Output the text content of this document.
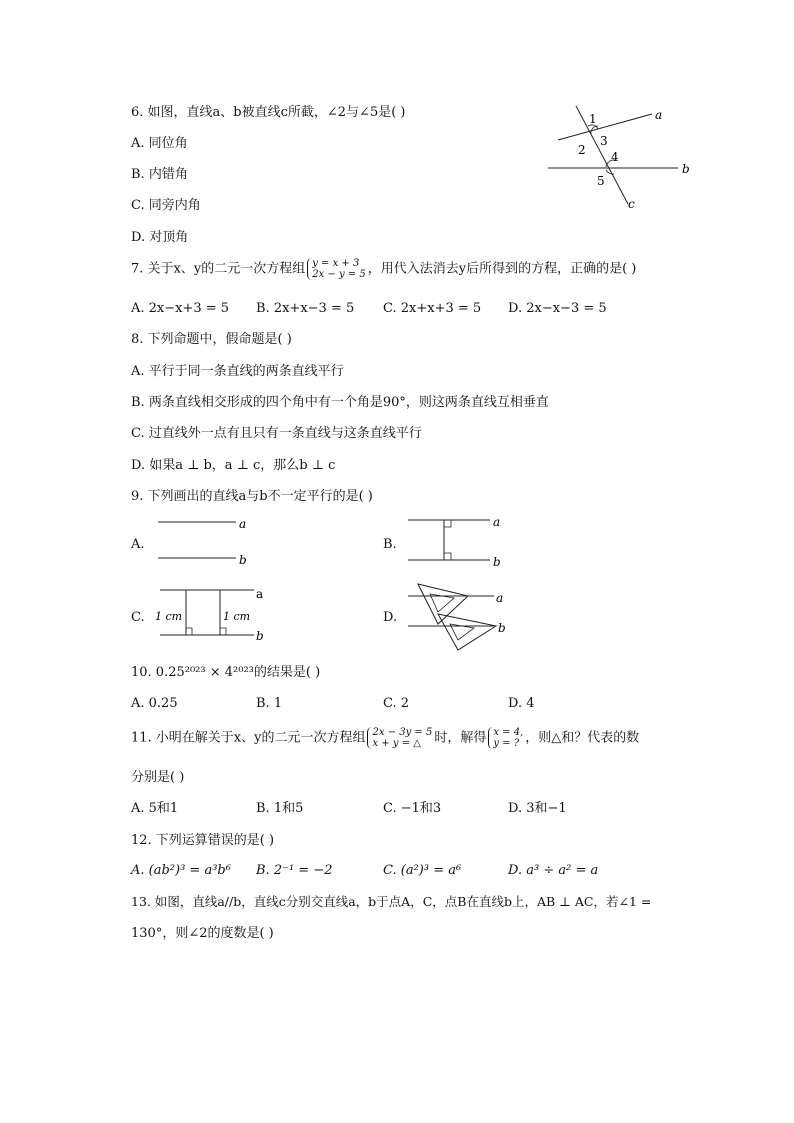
6. 如图，直线a、b被直线c所截，∠2与∠5是( )
A. 同位角
B. 内错角
C. 同旁内角
D. 对顶角
a
b
c
1
2
3
4
5
7. 关于x、y的二元一次方程组 y = x + 3
2x − y = 5 ，用代入法消去y后所得到的方程，正确的是( )
A. 2x−x+3 = 5 B. 2x+x−3 = 5 C. 2x+x+3 = 5 D. 2x−x−3 = 5
8. 下列命题中，假命题是( )
A. 平行于同一条直线的两条直线平行
B. 两条直线相交形成的四个角中有一个角是90°，则这两条直线互相垂直
C. 过直线外一点有且只有一条直线与这条直线平行
D. 如果a ⊥ b，a ⊥ c，那么b ⊥ c
9. 下列画出的直线a与b不一定平行的是( )
A.
a
b
B.
a
b
C. 1 cm	1 cm
a
b
D.
a
b
10. 0.25²⁰²³ × 4²⁰²³的结果是( )
A. 0.25	B. 1	C. 2	D. 4
11. 小明在解关于x、y的二元一次方程组 2x − 3y = 5
x + y = △	时，解得 x = 4,
y = ? ，则△和？代表的数
分别是( )
A. 5和1	B. 1和5	C. −1和3	D. 3和−1
12. 下列运算错误的是( )
A. (ab²)³ = a³b⁶ B. 2⁻¹ = −2	C. (a²)³ = a⁶	D. a³ ÷ a² = a
13. 如图，直线a//b，直线c分别交直线a，b于点A，C，点B在直线b上，AB ⊥ AC，若∠1 =
130°，则∠2的度数是( )
